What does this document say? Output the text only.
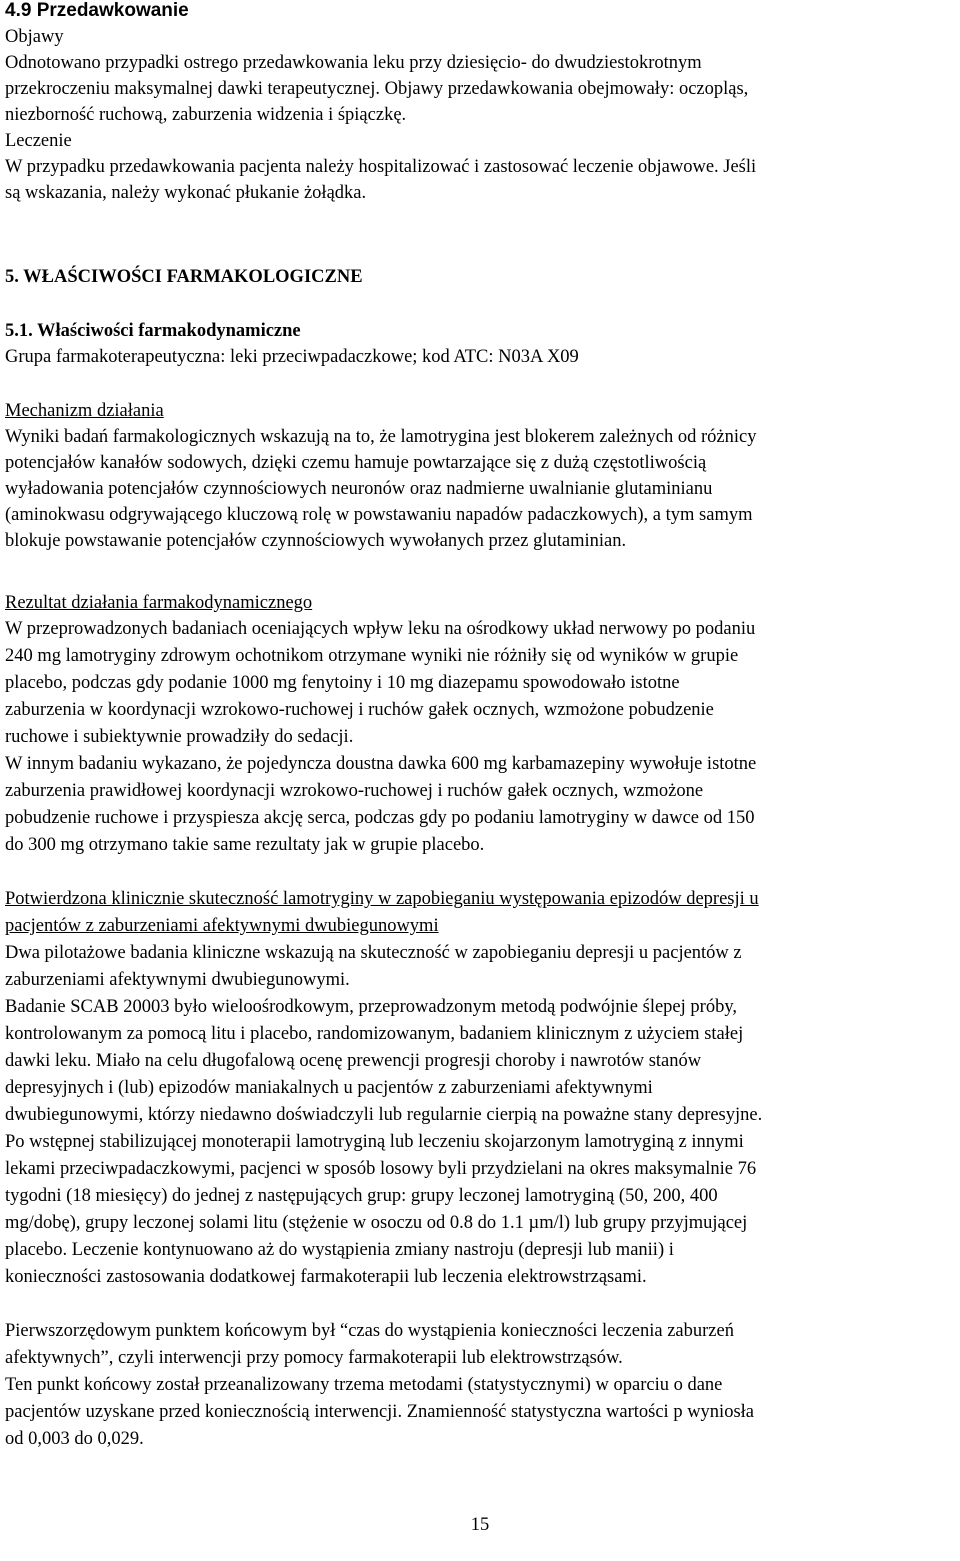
4.9 Przedawkowanie
Objawy
Odnotowano przypadki ostrego przedawkowania leku przy dziesięcio- do dwudziestokrotnym
przekroczeniu maksymalnej dawki terapeutycznej. Objawy przedawkowania obejmowały: oczopląs,
niezborność ruchową, zaburzenia widzenia i śpiączkę.
Leczenie
W przypadku przedawkowania pacjenta należy hospitalizować i zastosować leczenie objawowe. Jeśli
są wskazania, należy wykonać płukanie żołądka.
5. WŁAŚCIWOŚCI FARMAKOLOGICZNE
5.1. Właściwości farmakodynamiczne
Grupa farmakoterapeutyczna: leki przeciwpadaczkowe; kod ATC: N03A X09
Mechanizm działania
Wyniki badań farmakologicznych wskazują na to, że lamotrygina jest blokerem zależnych od różnicy
potencjałów kanałów sodowych, dzięki czemu hamuje powtarzające się z dużą częstotliwością
wyładowania potencjałów czynnościowych neuronów oraz nadmierne uwalnianie glutaminianu
(aminokwasu odgrywającego kluczową rolę w powstawaniu napadów padaczkowych), a tym samym
blokuje powstawanie potencjałów czynnościowych wywołanych przez glutaminian.
Rezultat działania farmakodynamicznego
W przeprowadzonych badaniach oceniających wpływ leku na ośrodkowy układ nerwowy po podaniu
240 mg lamotryginy zdrowym ochotnikom otrzymane wyniki nie różniły się od wyników w grupie
placebo, podczas gdy podanie 1000 mg fenytoiny i 10 mg diazepamu spowodowało istotne
zaburzenia w koordynacji wzrokowo-ruchowej i ruchów gałek ocznych, wzmożone pobudzenie
ruchowe i subiektywnie prowadziły do sedacji.
W innym badaniu wykazano, że pojedyncza doustna dawka 600 mg karbamazepiny wywołuje istotne
zaburzenia prawidłowej koordynacji wzrokowo-ruchowej i ruchów gałek ocznych, wzmożone
pobudzenie ruchowe i przyspiesza akcję serca, podczas gdy po podaniu lamotryginy w dawce od 150
do 300 mg otrzymano takie same rezultaty jak w grupie placebo.
Potwierdzona klinicznie skuteczność lamotryginy w zapobieganiu występowania epizodów depresji u
pacjentów z zaburzeniami afektywnymi dwubiegunowymi
Dwa pilotażowe badania kliniczne wskazują na skuteczność w zapobieganiu depresji u pacjentów z
zaburzeniami afektywnymi dwubiegunowymi.
Badanie SCAB 20003 było wieloośrodkowym, przeprowadzonym metodą podwójnie ślepej próby,
kontrolowanym za pomocą litu i placebo, randomizowanym, badaniem klinicznym z użyciem stałej
dawki leku. Miało na celu długofalową ocenę prewencji progresji choroby i nawrotów stanów
depresyjnych i (lub) epizodów maniakalnych u pacjentów z zaburzeniami afektywnymi
dwubiegunowymi, którzy niedawno doświadczyli lub regularnie cierpią na poważne stany depresyjne.
Po wstępnej stabilizującej monoterapii lamotryginą lub leczeniu skojarzonym lamotryginą z innymi
lekami przeciwpadaczkowymi, pacjenci w sposób losowy byli przydzielani na okres maksymalnie 76
tygodni (18 miesięcy) do jednej z następujących grup: grupy leczonej lamotryginą (50, 200, 400
mg/dobę), grupy leczonej solami litu (stężenie w osoczu od 0.8 do 1.1 µm/l) lub grupy przyjmującej
placebo. Leczenie kontynuowano aż do wystąpienia zmiany nastroju (depresji lub manii) i
konieczności zastosowania dodatkowej farmakoterapii lub leczenia elektrowstrząsami.
Pierwszorzędowym punktem końcowym był “czas do wystąpienia konieczności leczenia zaburzeń
afektywnych”, czyli interwencji przy pomocy farmakoterapii lub elektrowstrząsów.
Ten punkt końcowy został przeanalizowany trzema metodami (statystycznymi) w oparciu o dane
pacjentów uzyskane przed koniecznością interwencji. Znamienność statystyczna wartości p wyniosła
od 0,003 do 0,029.
15
